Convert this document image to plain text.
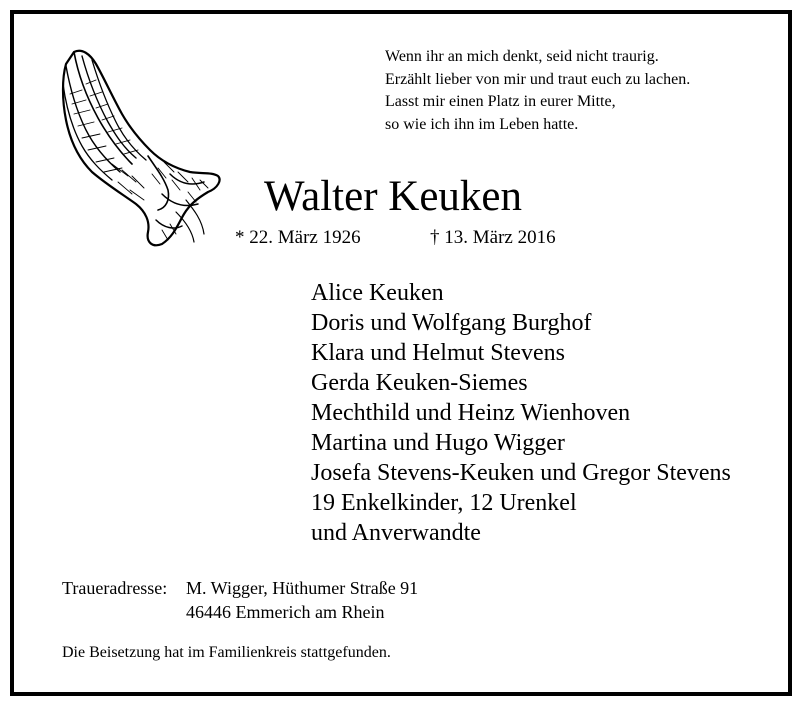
Wenn ihr an mich denkt, seid nicht traurig.
Erzählt lieber von mir und traut euch zu lachen.
Lasst mir einen Platz in eurer Mitte,
so wie ich ihn im Leben hatte.
Walter Keuken
* 22. März 1926	† 13. März 2016
Alice Keuken
Doris und Wolfgang Burghof
Klara und Helmut Stevens
Gerda Keuken-Siemes
Mechthild und Heinz Wienhoven
Martina und Hugo Wigger
Josefa Stevens-Keuken und Gregor Stevens
19 Enkelkinder, 12 Urenkel
und Anverwandte
Traueradresse: M. Wigger, Hüthumer Straße 91
46446 Emmerich am Rhein
Die Beisetzung hat im Familienkreis stattgefunden.
